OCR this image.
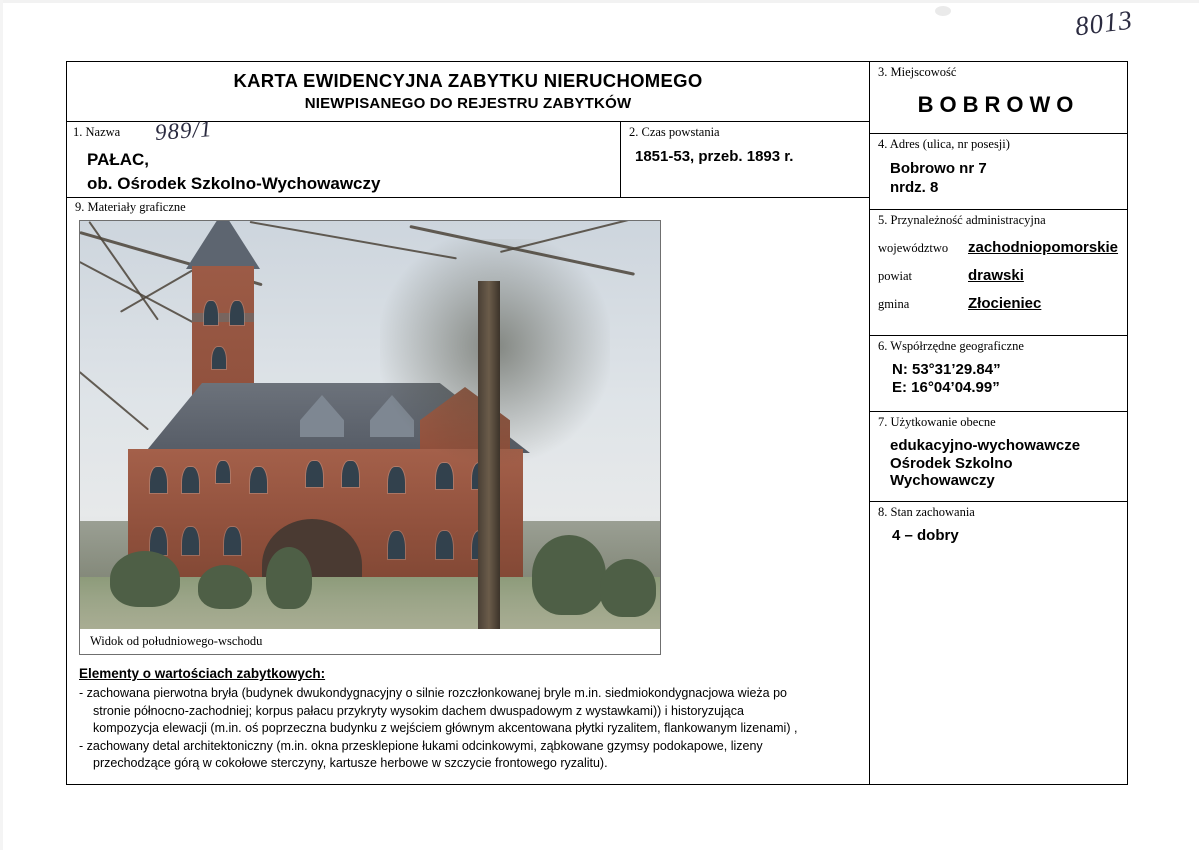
8013
KARTA EWIDENCYJNA ZABYTKU NIERUCHOMEGO
NIEWPISANEGO DO REJESTRU ZABYTKÓW
1. Nazwa
PAŁAC,
ob. Ośrodek Szkolno-Wychowawczy
2. Czas powstania
1851-53, przeb. 1893 r.
9. Materiały graficzne
Widok od południowego-wschodu
Elementy o wartościach zabytkowych:

- zachowana pierwotna bryła (budynek dwukondygnacyjny o silnie rozczłonkowanej bryle m.in. siedmiokondygnacjowa wieża po

stronie północno-zachodniej; korpus pałacu przykryty wysokim dachem dwuspadowym z wystawkami)) i historyzująca

kompozycja elewacji (m.in. oś poprzeczna budynku z wejściem głównym akcentowana płytki ryzalitem, flankowanym lizenami) ,

- zachowany detal architektoniczny (m.in. okna przesklepione łukami odcinkowymi, ząbkowane gzymsy podokapowe, lizeny

przechodzące górą w cokołowe sterczyny, kartusze herbowe w szczycie frontowego ryzalitu).

3. Miejscowość
BOBROWO
4. Adres (ulica, nr posesji)
Bobrowo nr 7
nrdz. 8
5. Przynależność administracyjna
województwo	zachodniopomorskie
powiat	drawski
gmina	Złocieniec
6. Współrzędne geograficzne
N: 53°31’29.84”
E: 16°04’04.99”
7. Użytkowanie obecne
edukacyjno-wychowawcze
Ośrodek Szkolno Wychowawczy
8. Stan zachowania
4 – dobry
989/1
